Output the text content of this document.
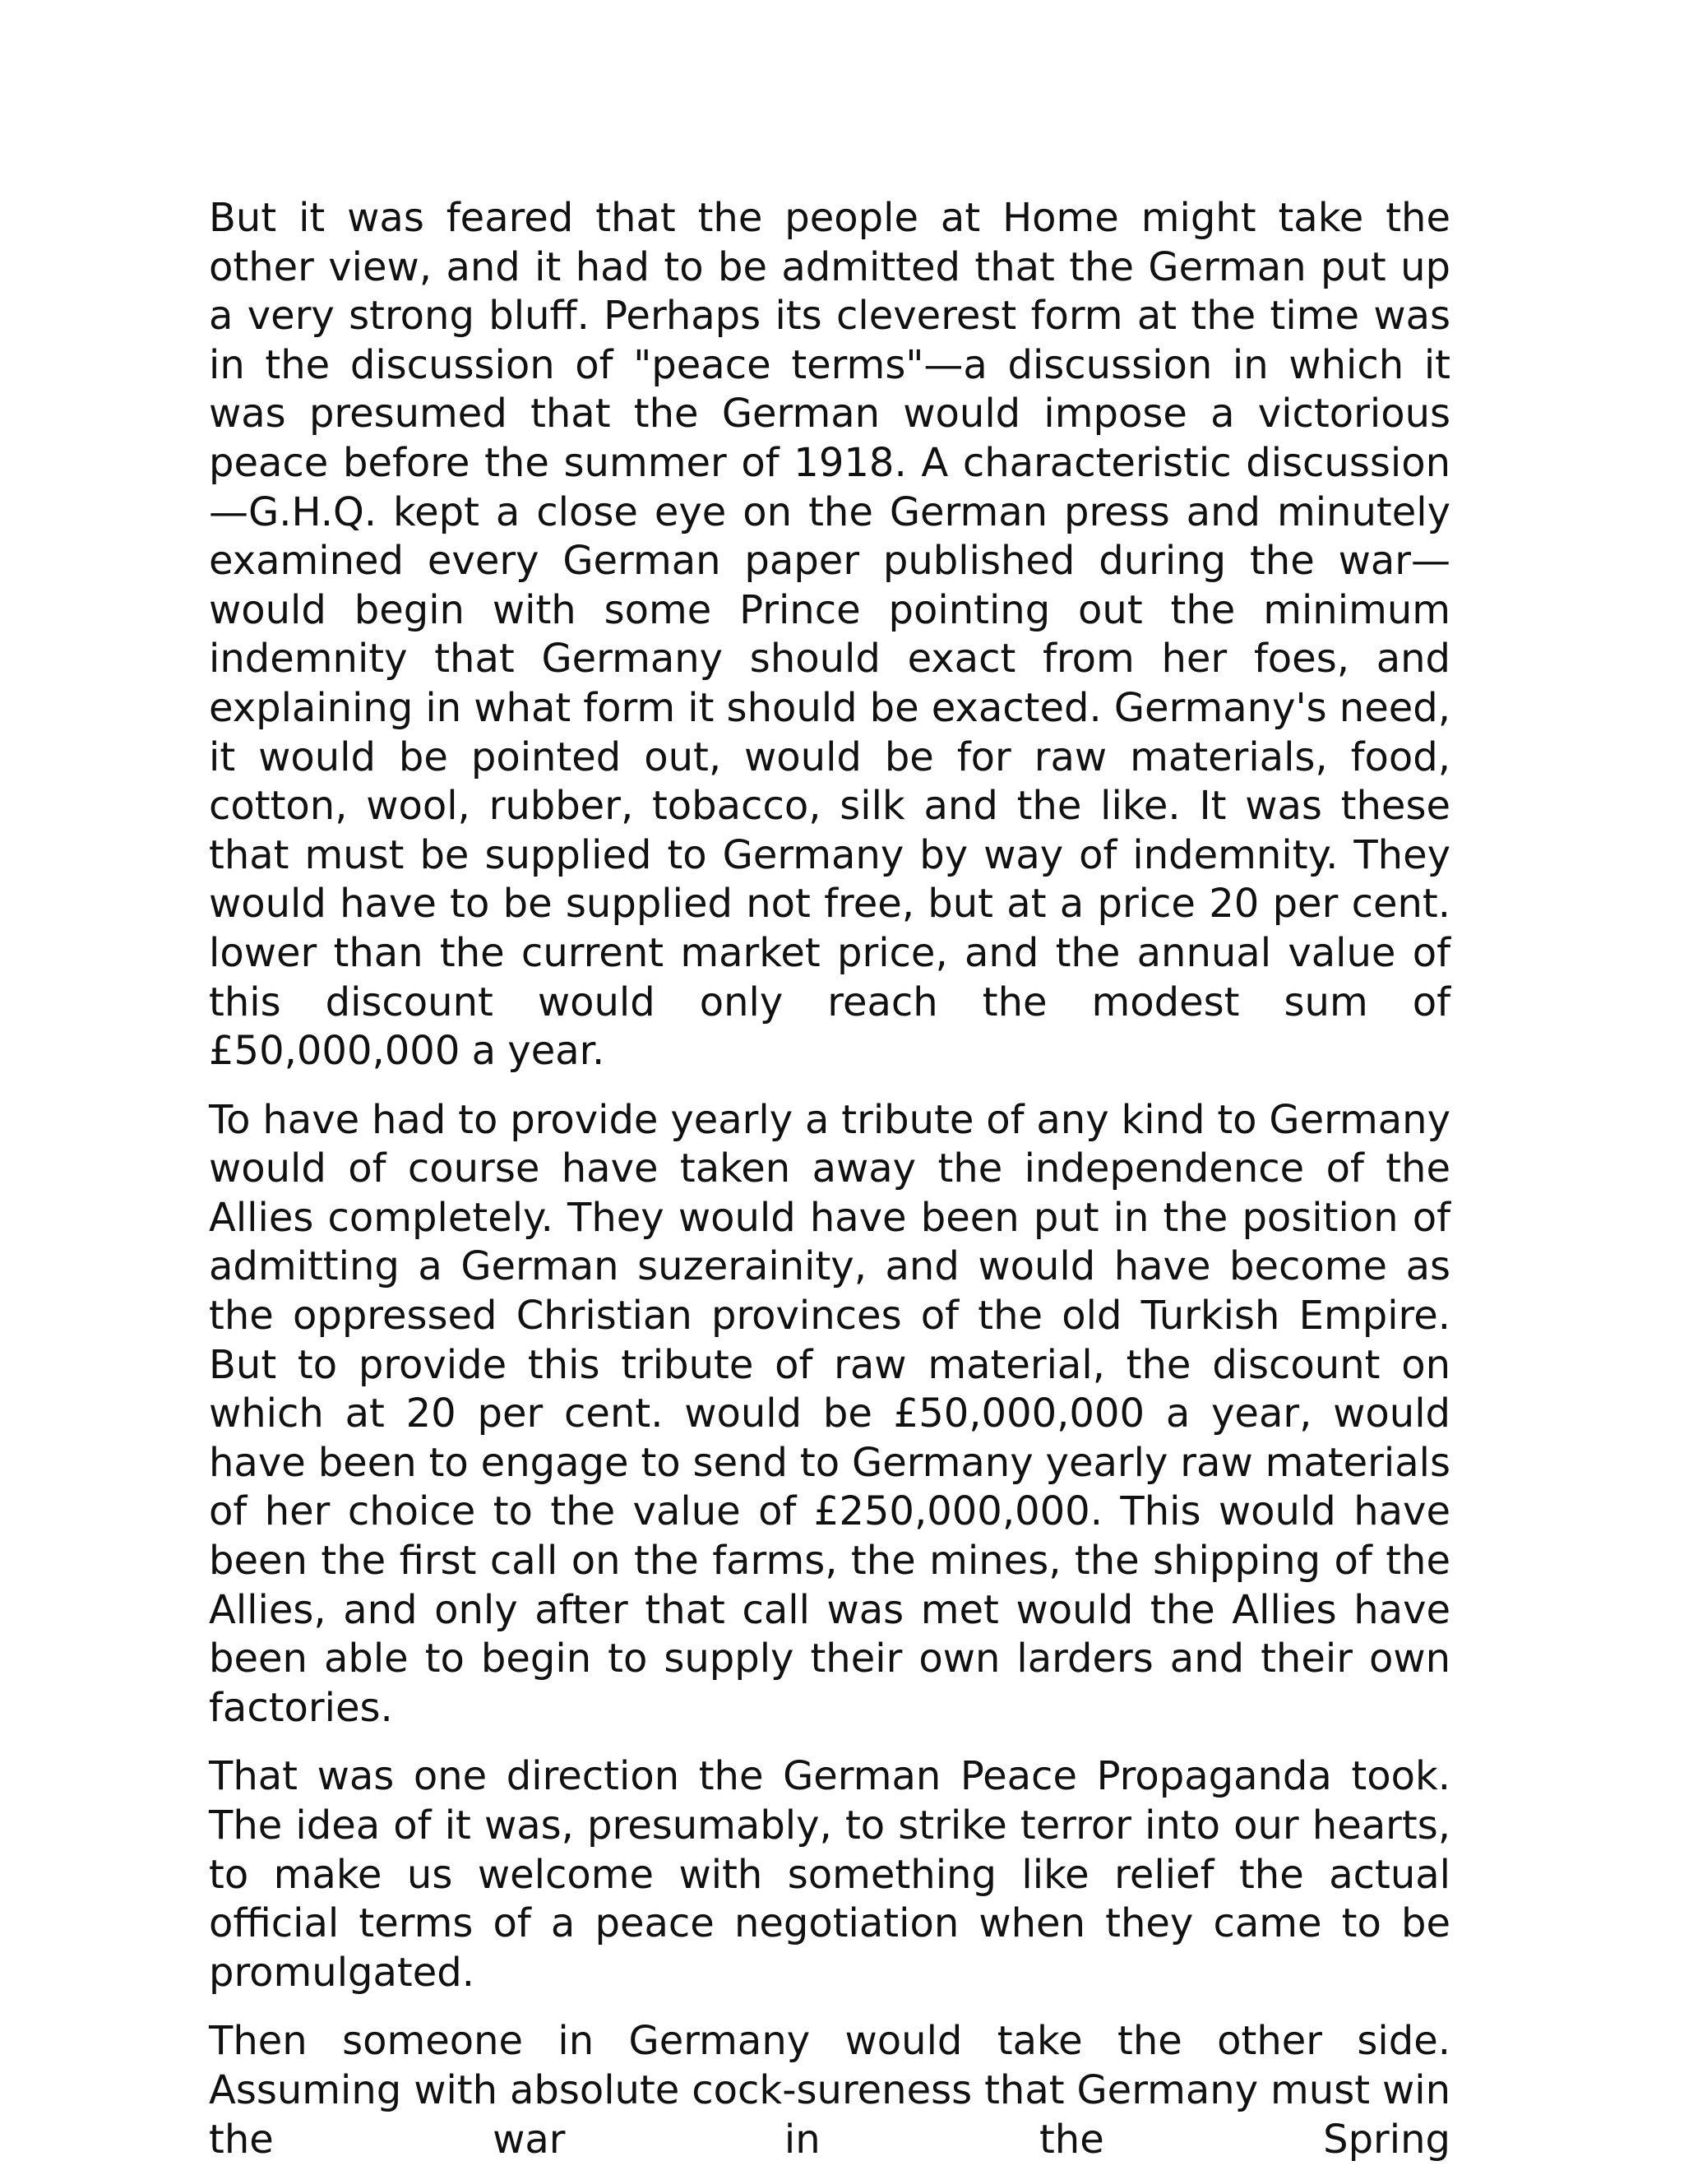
But it was feared that the people at Home might take the other view, and it had to be admitted that the German put up a very strong bluff. Perhaps its cleverest form at the time was in the discussion of "peace terms"—a discussion in which it was presumed that the German would impose a victorious peace before the summer of 1918. A characteristic discussion—G.H.Q. kept a close eye on the German press and minutely examined every German paper published during the war—would begin with some Prince pointing out the minimum indemnity that Germany should exact from her foes, and explaining in what form it should be exacted. Germany's need, it would be pointed out, would be for raw materials, food, cotton, wool, rubber, tobacco, silk and the like. It was these that must be supplied to Germany by way of indemnity. They would have to be supplied not free, but at a price 20 per cent. lower than the current market price, and the annual value of this discount would only reach the modest sum of £50,000,000 a year.

To have had to provide yearly a tribute of any kind to Germany would of course have taken away the independence of the Allies completely. They would have been put in the position of admitting a German suzerainity, and would have become as the oppressed Christian provinces of the old Turkish Empire. But to provide this tribute of raw material, the discount on which at 20 per cent. would be £50,000,000 a year, would have been to engage to send to Germany yearly raw materials of her choice to the value of £250,000,000. This would have been the first call on the farms, the mines, the shipping of the Allies, and only after that call was met would the Allies have been able to begin to supply their own larders and their own factories.

That was one direction the German Peace Propaganda took. The idea of it was, presumably, to strike terror into our hearts, to make us welcome with something like relief the actual official terms of a peace negotiation when they came to be promulgated.

Then someone in Germany would take the other side. Assuming with absolute cock-sureness that Germany must win the war in the Spring
